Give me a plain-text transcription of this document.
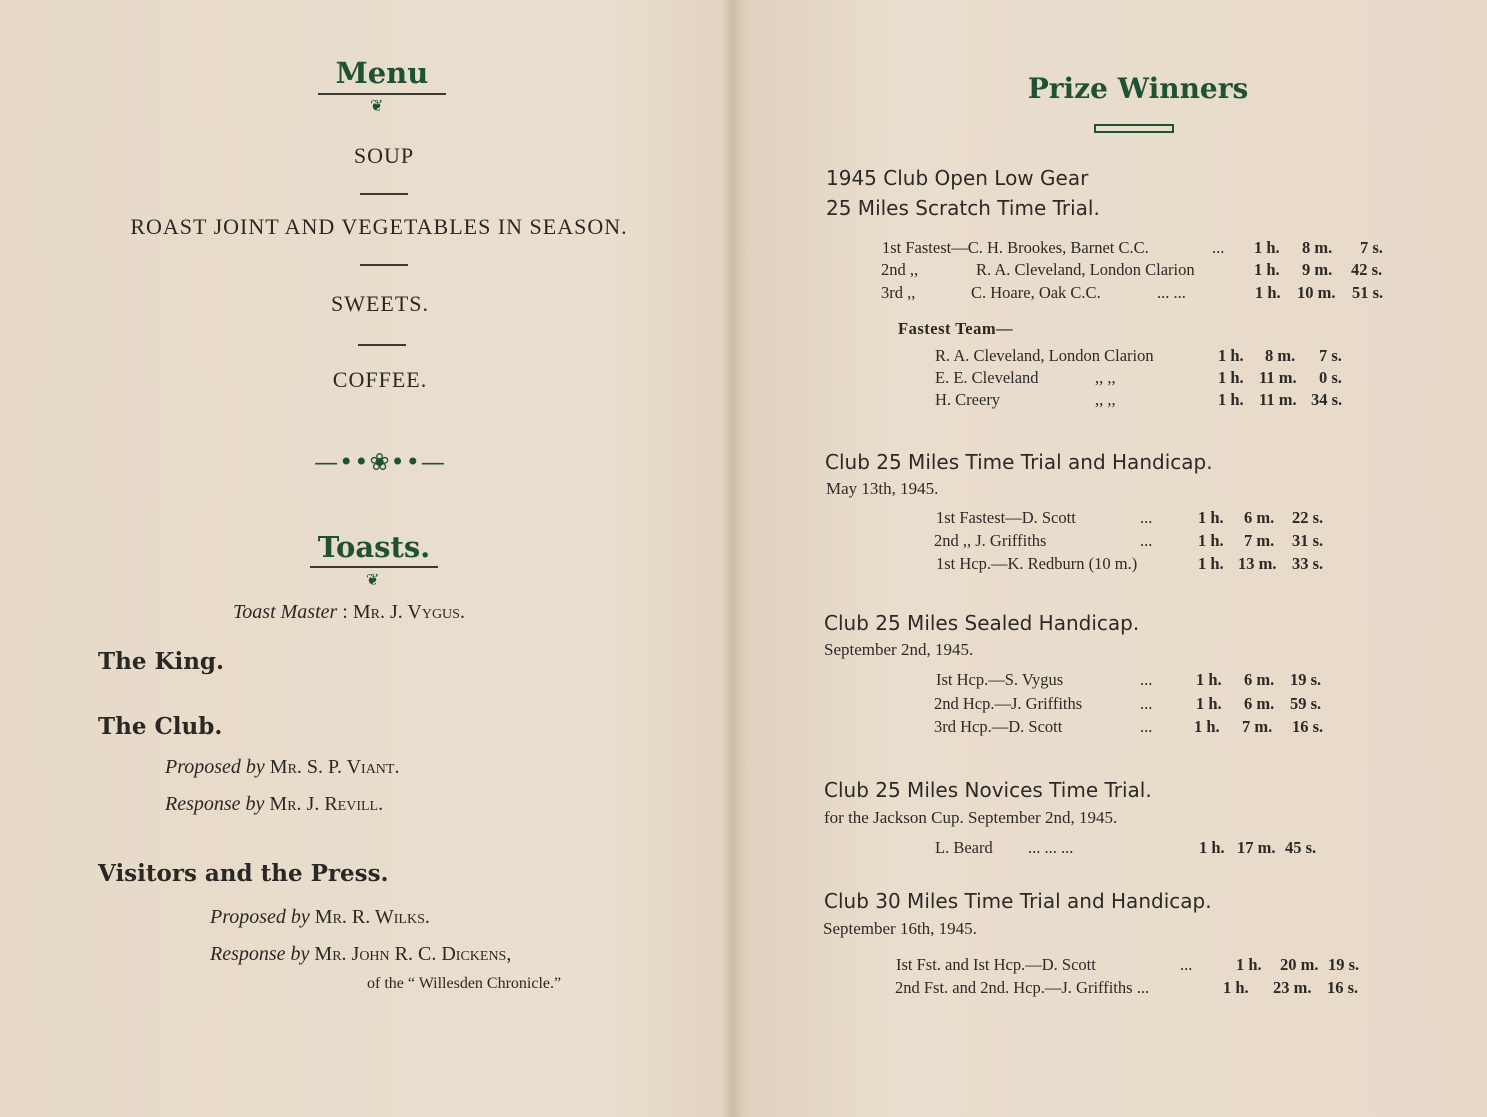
Menu
❦
SOUP
ROAST JOINT AND VEGETABLES IN SEASON.
SWEETS.
COFFEE.
—••❀••—
Toasts.
❦
Toast Master : Mr. J. Vygus.
The King.
The Club.
Proposed by Mr. S. P. Viant.
Response by Mr. J. Revill.
Visitors and the Press.
Proposed by Mr. R. Wilks.
Response by Mr. John R. C. Dickens,
of the “ Willesden Chronicle.”
Prize Winners
1945 Club Open Low Gear
25 Miles Scratch Time Trial.
1st Fastest—C. H. Brookes, Barnet C.C.	... 1 h. 8 m. 7 s.
2nd ,,	R. A. Cleveland, London Clarion	1 h. 9 m. 42 s.
3rd ,,	C. Hoare, Oak C.C.	... ...	1 h. 10 m. 51 s.
Fastest Team—
R. A. Cleveland, London Clarion	1 h. 8 m. 7 s.
E. E. Cleveland	,, ,,	1 h. 11 m. 0 s.
H. Creery	,, ,,	1 h. 11 m. 34 s.
Club 25 Miles Time Trial and Handicap.
May 13th, 1945.
1st Fastest—D. Scott	...	1 h. 6 m. 22 s.
2nd ,, J. Griffiths	...	1 h. 7 m. 31 s.
1st Hcp.—K. Redburn (10 m.)	1 h. 13 m. 33 s.
Club 25 Miles Sealed Handicap.
September 2nd, 1945.
Ist Hcp.—S. Vygus	...	1 h. 6 m. 19 s.
2nd Hcp.—J. Griffiths	...	1 h. 6 m. 59 s.
3rd Hcp.—D. Scott	...	1 h. 7 m. 16 s.
Club 25 Miles Novices Time Trial.
for the Jackson Cup. September 2nd, 1945.
L. Beard ... ... ...	1 h. 17 m. 45 s.
Club 30 Miles Time Trial and Handicap.
September 16th, 1945.
Ist Fst. and Ist Hcp.—D. Scott	...	1 h. 20 m. 19 s.
2nd Fst. and 2nd. Hcp.—J. Griffiths ...	1 h. 23 m. 16 s.
